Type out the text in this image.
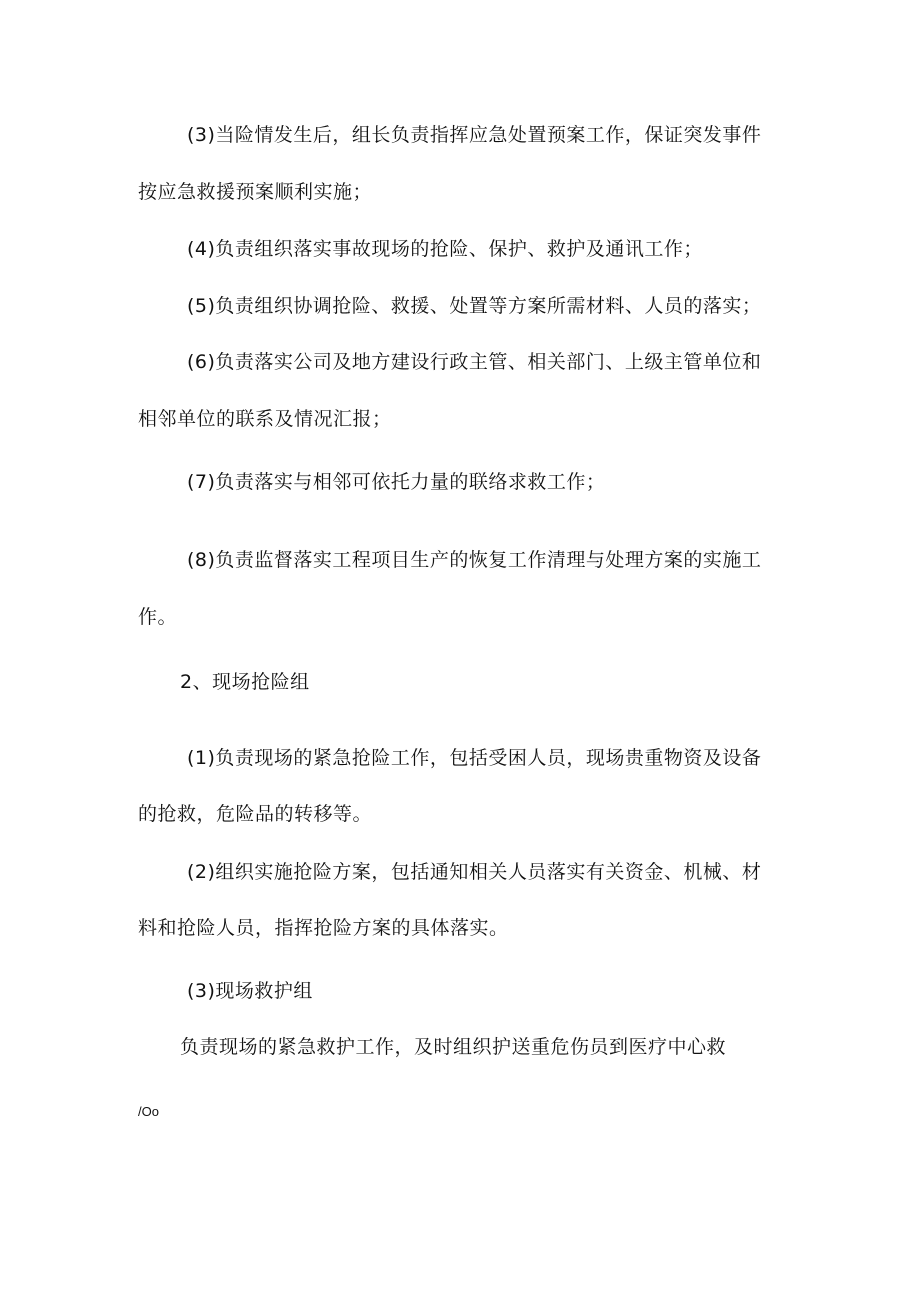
(3)当险情发生后，组长负责指挥应急处置预案工作，保证突发事件
按应急救援预案顺利实施；
(4)负责组织落实事故现场的抢险、保护、救护及通讯工作；
(5)负责组织协调抢险、救援、处置等方案所需材料、人员的落实；
(6)负责落实公司及地方建设行政主管、相关部门、上级主管单位和
相邻单位的联系及情况汇报；
(7)负责落实与相邻可依托力量的联络求救工作；
(8)负责监督落实工程项目生产的恢复工作清理与处理方案的实施工
作。
2、现场抢险组
(1)负责现场的紧急抢险工作，包括受困人员，现场贵重物资及设备
的抢救，危险品的转移等。
(2)组织实施抢险方案，包括通知相关人员落实有关资金、机械、材
料和抢险人员，指挥抢险方案的具体落实。
(3)现场救护组
负责现场的紧急救护工作，及时组织护送重危伤员到医疗中心救
/Oo
